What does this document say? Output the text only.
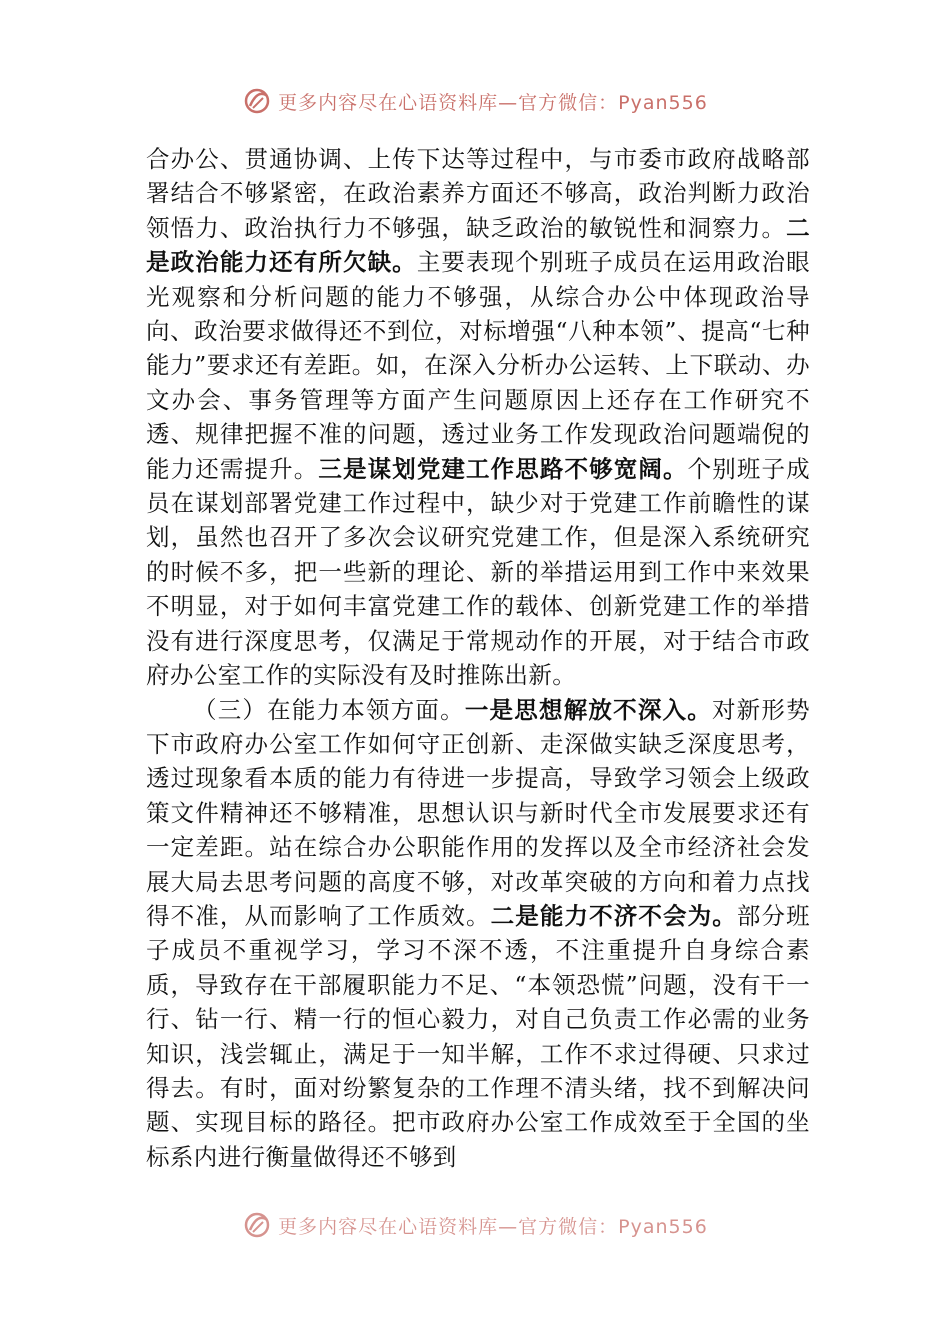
更多内容尽在心语资料库—官方微信：Pyan556

合办公、贯通协调、上传下达等过程中，与市委市政府战略部署结合不够紧密，在政治素养方面还不够高，政治判断力政治领悟力、政治执行力不够强，缺乏政治的敏锐性和洞察力。二是政治能力还有所欠缺。主要表现个别班子成员在运用政治眼光观察和分析问题的能力不够强，从综合办公中体现政治导向、政治要求做得还不到位，对标增强“八种本领”、提高“七种能力”要求还有差距。如，在深入分析办公运转、上下联动、办文办会、事务管理等方面产生问题原因上还存在工作研究不透、规律把握不准的问题，透过业务工作发现政治问题端倪的能力还需提升。三是谋划党建工作思路不够宽阔。个别班子成员在谋划部署党建工作过程中，缺少对于党建工作前瞻性的谋划，虽然也召开了多次会议研究党建工作，但是深入系统研究的时候不多，把一些新的理论、新的举措运用到工作中来效果不明显，对于如何丰富党建工作的载体、创新党建工作的举措没有进行深度思考，仅满足于常规动作的开展，对于结合市政府办公室工作的实际没有及时推陈出新。

（三）在能力本领方面。一是思想解放不深入。对新形势下市政府办公室工作如何守正创新、走深做实缺乏深度思考，透过现象看本质的能力有待进一步提高，导致学习领会上级政策文件精神还不够精准，思想认识与新时代全市发展要求还有一定差距。站在综合办公职能作用的发挥以及全市经济社会发展大局去思考问题的高度不够，对改革突破的方向和着力点找得不准，从而影响了工作质效。二是能力不济不会为。部分班子成员不重视学习，学习不深不透，不注重提升自身综合素质，导致存在干部履职能力不足、“本领恐慌”问题，没有干一行、钻一行、精一行的恒心毅力，对自己负责工作必需的业务知识，浅尝辄止，满足于一知半解，工作不求过得硬、只求过得去。有时，面对纷繁复杂的工作理不清头绪，找不到解决问题、实现目标的路径。把市政府办公室工作成效至于全国的坐标系内进行衡量做得还不够到

更多内容尽在心语资料库—官方微信：Pyan556
